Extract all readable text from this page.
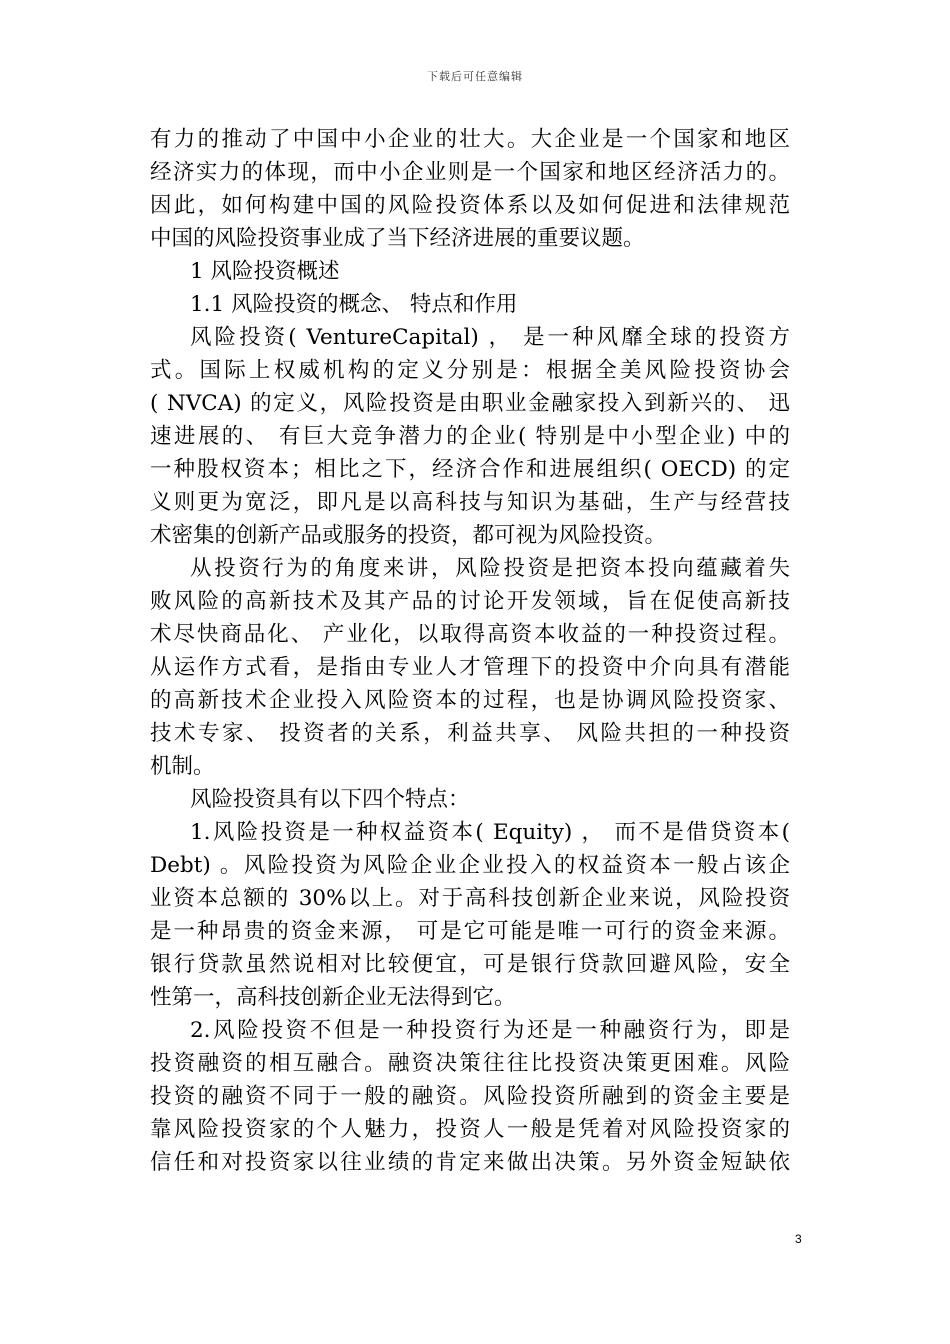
下载后可任意编辑
有力的推动了中国中小企业的壮大。大企业是一个国家和地区
经济实力的体现，而中小企业则是一个国家和地区经济活力的。
因此，如何构建中国的风险投资体系以及如何促进和法律规范
中国的风险投资事业成了当下经济进展的重要议题。
1 风险投资概述
1.1 风险投资的概念、 特点和作用
风险投资( VentureCapital) ， 是一种风靡全球的投资方
式。国际上权威机构的定义分别是：根据全美风险投资协会
( NVCA) 的定义，风险投资是由职业金融家投入到新兴的、 迅
速进展的、 有巨大竞争潜力的企业( 特别是中小型企业) 中的
一种股权资本；相比之下，经济合作和进展组织( OECD) 的定
义则更为宽泛，即凡是以高科技与知识为基础，生产与经营技
术密集的创新产品或服务的投资，都可视为风险投资。
从投资行为的角度来讲，风险投资是把资本投向蕴藏着失
败风险的高新技术及其产品的讨论开发领域，旨在促使高新技
术尽快商品化、 产业化，以取得高资本收益的一种投资过程。
从运作方式看，是指由专业人才管理下的投资中介向具有潜能
的高新技术企业投入风险资本的过程，也是协调风险投资家、
技术专家、 投资者的关系，利益共享、 风险共担的一种投资
机制。
风险投资具有以下四个特点：
1.风险投资是一种权益资本( Equity) ， 而不是借贷资本(
Debt) 。风险投资为风险企业企业投入的权益资本一般占该企
业资本总额的 30%以上。对于高科技创新企业来说，风险投资
是一种昂贵的资金来源， 可是它可能是唯一可行的资金来源。
银行贷款虽然说相对比较便宜，可是银行贷款回避风险，安全
性第一，高科技创新企业无法得到它。
2.风险投资不但是一种投资行为还是一种融资行为，即是
投资融资的相互融合。融资决策往往比投资决策更困难。风险
投资的融资不同于一般的融资。风险投资所融到的资金主要是
靠风险投资家的个人魅力，投资人一般是凭着对风险投资家的
信任和对投资家以往业绩的肯定来做出决策。另外资金短缺依
3
